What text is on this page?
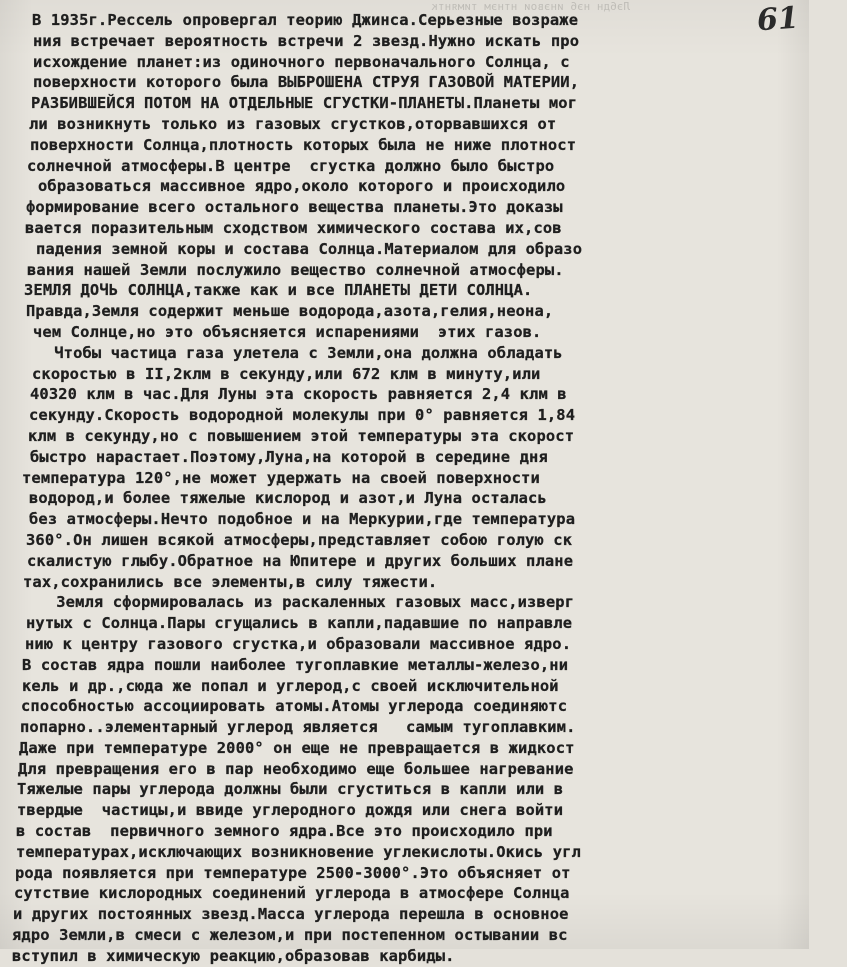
Лэ6дн нэ6 инэвои нтнэм тимянтк	61
В 1935г.Рессель опровергал теорию Джинса.Серьезные возраже
ния встречает вероятность встречи 2 звезд.Нужно искать про
исхождение планет:из одиночного первоначального Солнца, с
поверхности которого была ВЫБРОШЕНА СТРУЯ ГАЗОВОЙ МАТЕРИИ,
РАЗБИВШЕЙСЯ ПОТОМ НА ОТДЕЛЬНЫЕ СГУСТКИ-ПЛАНЕТЫ.Планеты мог
ли возникнуть только из газовых сгустков,оторвавшихся от
поверхности Солнца,плотность которых была не ниже плотност
солнечной атмосферы.В центре  сгустка должно было быстро
образоваться массивное ядро,около которого и происходило
формирование всего остального вещества планеты.Это доказы
вается поразительным сходством химического состава их,сов
падения земной коры и состава Солнца.Материалом для образо
вания нашей Земли послужило вещество солнечной атмосферы.
ЗЕМЛЯ ДОЧЬ СОЛНЦА,также как и все ПЛАНЕТЫ ДЕТИ СОЛНЦА.
Правда,Земля содержит меньше водорода,азота,гелия,неона,
чем Солнце,но это объясняется испарениями  этих газов.
Чтобы частица газа улетела с Земли,она должна обладать
скоростью в II,2клм в секунду,или 672 клм в минуту,или
40320 клм в час.Для Луны эта скорость равняется 2,4 клм в
секунду.Скорость водородной молекулы при 0° равняется 1,84
клм в секунду,но с повышением этой температуры эта скорост
быстро нарастает.Поэтому,Луна,на которой в середине дня
температура 120°,не может удержать на своей поверхности
водород,и более тяжелые кислород и азот,и Луна осталась
без атмосферы.Нечто подобное и на Меркурии,где температура
360°.Он лишен всякой атмосферы,представляет собою голую ск
скалистую глыбу.Обратное на Юпитере и других больших плане
тах,сохранились все элементы,в силу тяжести.
Земля сформировалась из раскаленных газовых масс,изверг
нутых с Солнца.Пары сгущались в капли,падавшие по направле
нию к центру газового сгустка,и образовали массивное ядро.
В состав ядра пошли наиболее тугоплавкие металлы-железо,ни
кель и др.,сюда же попал и углерод,с своей исключительной
способностью ассоциировать атомы.Атомы углерода соединяютс
попарно..элементарный углерод является   самым тугоплавким.
Даже при температуре 2000° он еще не превращается в жидкост
Для превращения его в пар необходимо еще большее нагревание
Тяжелые пары углерода должны были сгуститься в капли или в
твердые  частицы,и ввиде углеродного дождя или снега войти
в состав  первичного земного ядра.Все это происходило при
температурах,исключающих возникновение углекислоты.Окись угл
рода появляется при температуре 2500-3000°.Это объясняет от
сутствие кислородных соединений углерода в атмосфере Солнца
и других постоянных звезд.Масса углерода перешла в основное
ядро Земли,в смеси с железом,и при постепенном остывании вс
вступил в химическую реакцию,образовав карбиды.
